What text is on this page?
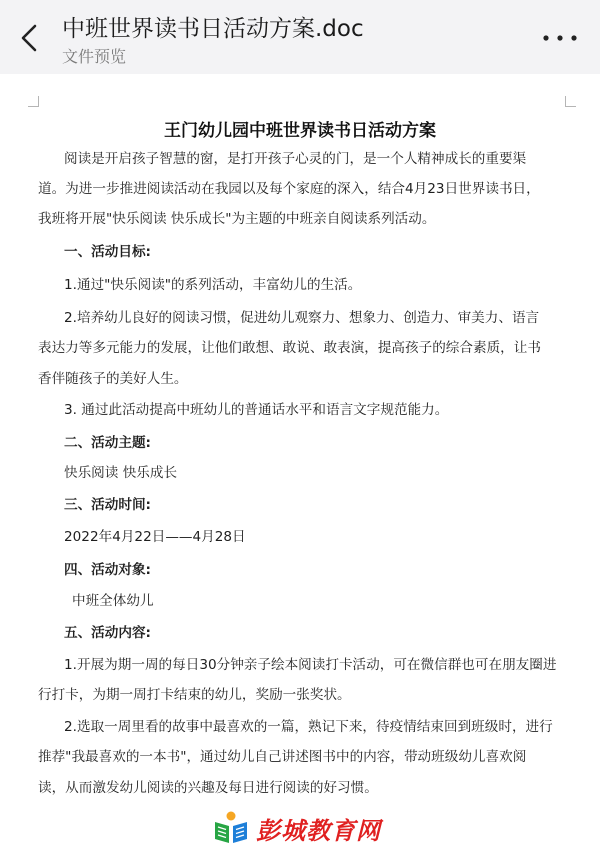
中班世界读书日活动方案.doc
文件预览
王门幼儿园中班世界读书日活动方案
阅读是开启孩子智慧的窗，是打开孩子心灵的门，是一个人精神成长的重要渠
道。为进一步推进阅读活动在我园以及每个家庭的深入，结合4月23日世界读书日，
我班将开展"快乐阅读 快乐成长"为主题的中班亲自阅读系列活动。
一、活动目标:
1.通过"快乐阅读"的系列活动，丰富幼儿的生活。
2.培养幼儿良好的阅读习惯，促进幼儿观察力、想象力、创造力、审美力、语言
表达力等多元能力的发展，让他们敢想、敢说、敢表演，提高孩子的综合素质，让书
香伴随孩子的美好人生。
3. 通过此活动提高中班幼儿的普通话水平和语言文字规范能力。
二、活动主题:
快乐阅读 快乐成长
三、活动时间:
2022年4月22日——4月28日
四、活动对象:
中班全体幼儿
五、活动内容:
1.开展为期一周的每日30分钟亲子绘本阅读打卡活动，可在微信群也可在朋友圈进
行打卡，为期一周打卡结束的幼儿，奖励一张奖状。
2.选取一周里看的故事中最喜欢的一篇，熟记下来，待疫情结束回到班级时，进行
推荐"我最喜欢的一本书"，通过幼儿自己讲述图书中的内容，带动班级幼儿喜欢阅
读，从而激发幼儿阅读的兴趣及每日进行阅读的好习惯。
彭城教育网
